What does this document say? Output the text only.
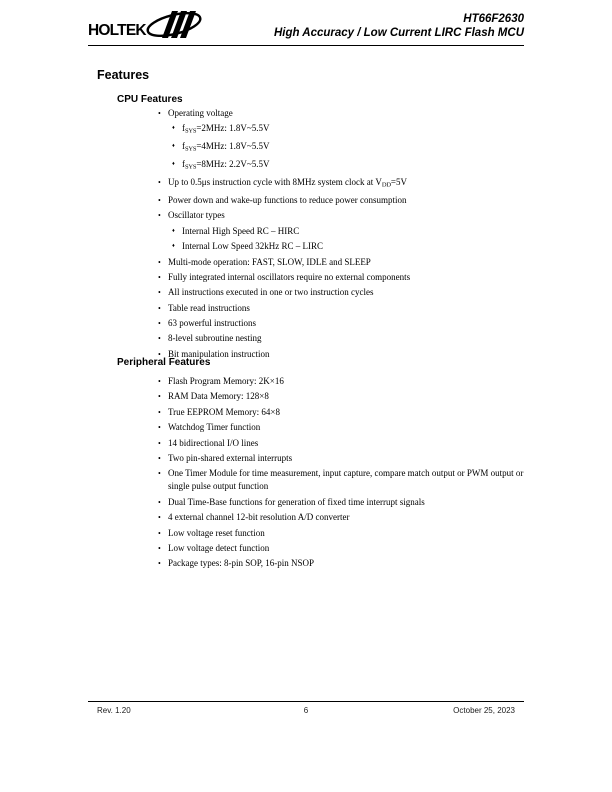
HOLTEK
HT66F2630
High Accuracy / Low Current LIRC Flash MCU
Features
CPU Features
• Operating voltage
♦ $f_{SYS}=2MHz$: 1.8V~5.5V
♦ $f_{SYS}=4MHz$: 1.8V~5.5V
♦ $f_{SYS}=8MHz$: 2.2V~5.5V
• Up to 0.5μs instruction cycle with 8MHz system clock at $V_{DD}=5V$
• Power down and wake-up functions to reduce power consumption
• Oscillator types
♦ Internal High Speed RC – HIRC
♦ Internal Low Speed 32kHz RC – LIRC
• Multi-mode operation: FAST, SLOW, IDLE and SLEEP
• Fully integrated internal oscillators require no external components
• All instructions executed in one or two instruction cycles
• Table read instructions
• 63 powerful instructions
• 8-level subroutine nesting
• Bit manipulation instruction
Peripheral Features
• Flash Program Memory: 2K×16
• RAM Data Memory: 128×8
• True EEPROM Memory: 64×8
• Watchdog Timer function
• 14 bidirectional I/O lines
• Two pin-shared external interrupts
• One Timer Module for time measurement, input capture, compare match output or PWM output or single pulse output function
• Dual Time-Base functions for generation of fixed time interrupt signals
• 4 external channel 12-bit resolution A/D converter
• Low voltage reset function
• Low voltage detect function
• Package types: 8-pin SOP, 16-pin NSOP
Rev. 1.20	6	October 25, 2023
